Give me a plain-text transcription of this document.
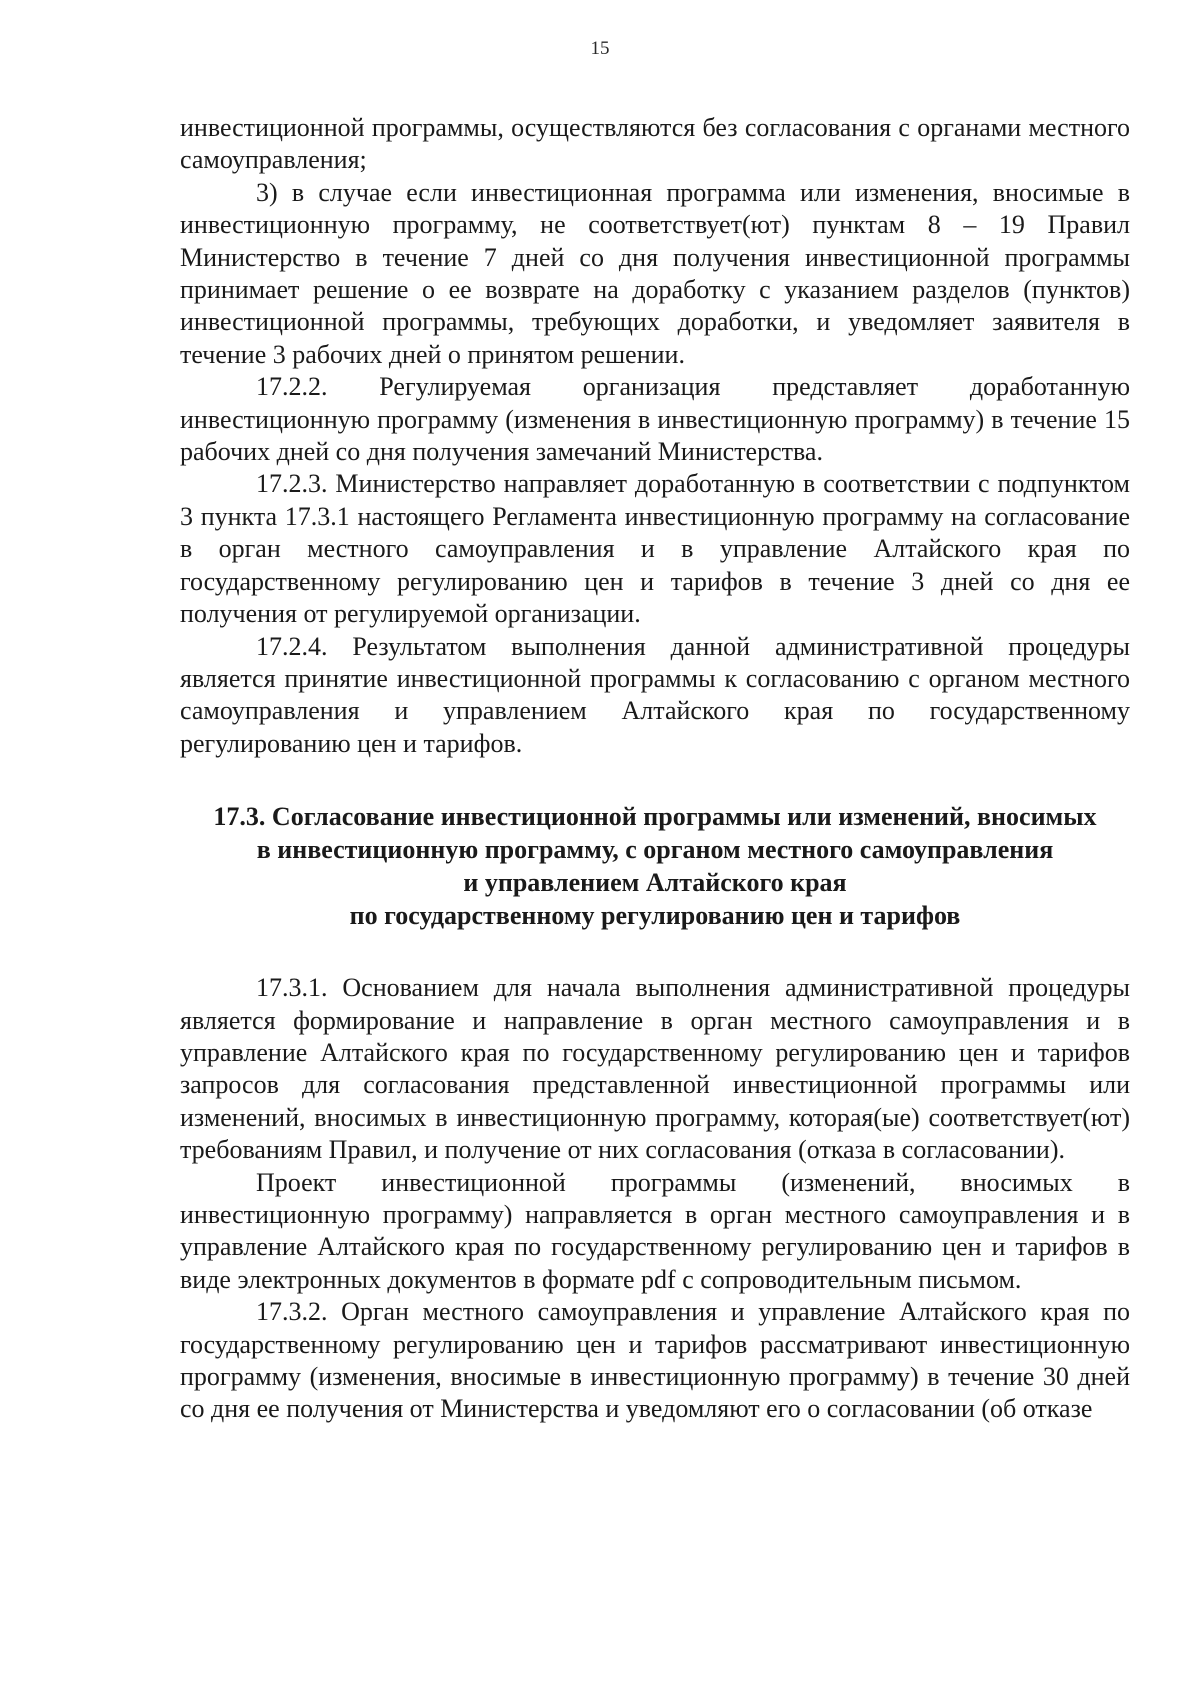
15

инвестиционной программы, осуществляются без согласования с органами местного самоуправления;

3) в случае если инвестиционная программа или изменения, вносимые в инвестиционную программу, не соответствует(ют) пунктам 8 – 19 Правил Министерство в течение 7 дней со дня получения инвестиционной программы принимает решение о ее возврате на доработку с указанием разделов (пунктов) инвестиционной программы, требующих доработки, и уведомляет заявителя в течение 3 рабочих дней о принятом решении.

17.2.2. Регулируемая организация представляет доработанную инвестиционную программу (изменения в инвестиционную программу) в течение 15 рабочих дней со дня получения замечаний Министерства.

17.2.3. Министерство направляет доработанную в соответствии с подпунктом 3 пункта 17.3.1 настоящего Регламента инвестиционную программу на согласование в орган местного самоуправления и в управление Алтайского края по государственному регулированию цен и тарифов в течение 3 дней со дня ее получения от регулируемой организации.

17.2.4. Результатом выполнения данной административной процедуры является принятие инвестиционной программы к согласованию с органом местного самоуправления и управлением Алтайского края по государственному регулированию цен и тарифов.

17.3. Согласование инвестиционной программы или изменений, вносимых
в инвестиционную программу, с органом местного самоуправления
и управлением Алтайского края
по государственному регулированию цен и тарифов

17.3.1. Основанием для начала выполнения административной процедуры является формирование и направление в орган местного самоуправления и в управление Алтайского края по государственному регулированию цен и тарифов запросов для согласования представленной инвестиционной программы или изменений, вносимых в инвестиционную программу, которая(ые) соответствует(ют) требованиям Правил, и получение от них согласования (отказа в согласовании).

Проект инвестиционной программы (изменений, вносимых в инвестиционную программу) направляется в орган местного самоуправления и в управление Алтайского края по государственному регулированию цен и тарифов в виде электронных документов в формате pdf с сопроводительным письмом.

17.3.2. Орган местного самоуправления и управление Алтайского края по государственному регулированию цен и тарифов рассматривают инвестиционную программу (изменения, вносимые в инвестиционную программу) в течение 30 дней со дня ее получения от Министерства и уведомляют его о согласовании (об отказе
